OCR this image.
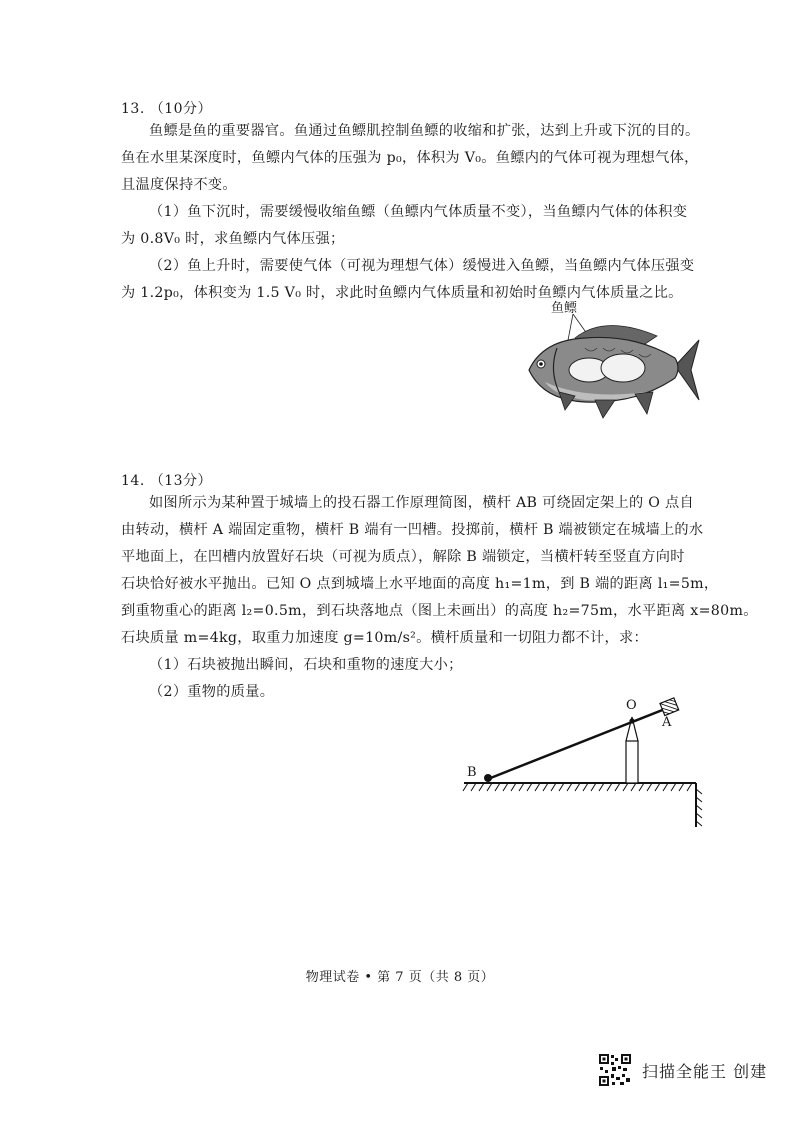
13. （10分）
鱼鳔是鱼的重要器官。鱼通过鱼鳔肌控制鱼鳔的收缩和扩张，达到上升或下沉的目的。
鱼在水里某深度时，鱼鳔内气体的压强为 p₀，体积为 V₀。鱼鳔内的气体可视为理想气体，
且温度保持不变。
（1）鱼下沉时，需要缓慢收缩鱼鳔（鱼鳔内气体质量不变），当鱼鳔内气体的体积变
为 0.8V₀ 时，求鱼鳔内气体压强；
（2）鱼上升时，需要使气体（可视为理想气体）缓慢进入鱼鳔，当鱼鳔内气体压强变
为 1.2p₀，体积变为 1.5 V₀ 时，求此时鱼鳔内气体质量和初始时鱼鳔内气体质量之比。
鱼鳔
14. （13分）
如图所示为某种置于城墙上的投石器工作原理简图，横杆 AB 可绕固定架上的 O 点自
由转动，横杆 A 端固定重物，横杆 B 端有一凹槽。投掷前，横杆 B 端被锁定在城墙上的水
平地面上，在凹槽内放置好石块（可视为质点），解除 B 端锁定，当横杆转至竖直方向时
石块恰好被水平抛出。已知 O 点到城墙上水平地面的高度 h₁=1m，到 B 端的距离 l₁=5m，
到重物重心的距离 l₂=0.5m，到石块落地点（图上未画出）的高度 h₂=75m，水平距离 x=80m。
石块质量 m=4kg，取重力加速度 g=10m/s²。横杆质量和一切阻力都不计，求：
（1）石块被抛出瞬间，石块和重物的速度大小；
（2）重物的质量。
O
A
B
物理试卷 • 第 7 页（共 8 页）
扫描全能王 创建
